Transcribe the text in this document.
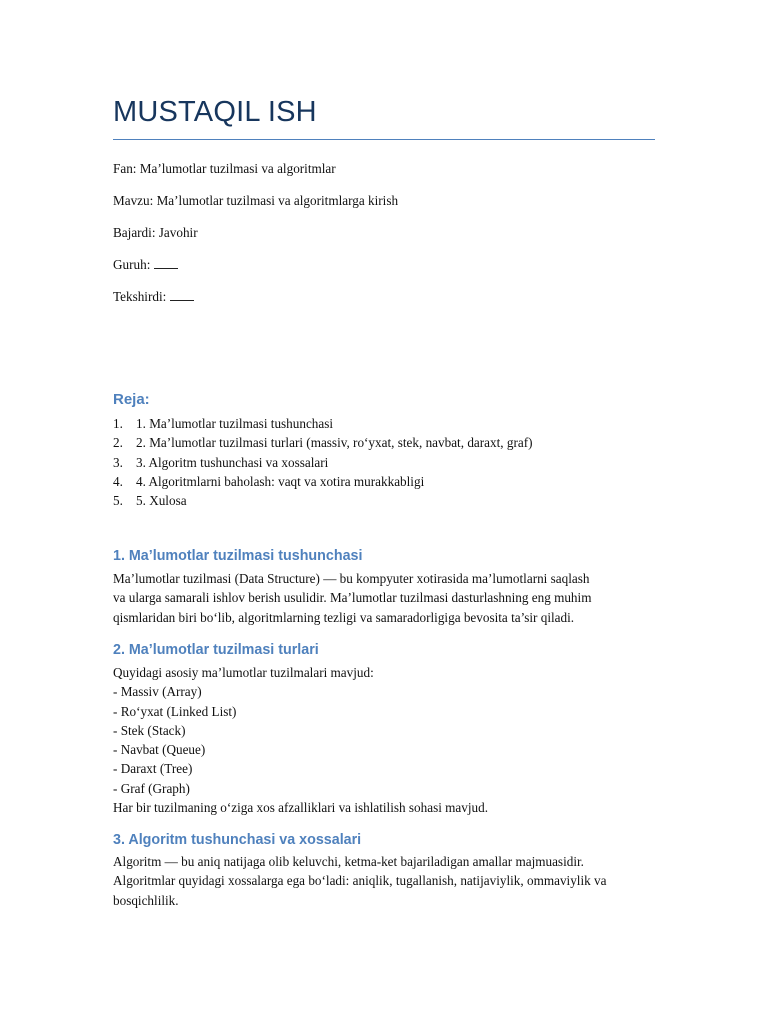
MUSTAQIL ISH
Fan: Ma’lumotlar tuzilmasi va algoritmlar
Mavzu: Ma’lumotlar tuzilmasi va algoritmlarga kirish
Bajardi: Javohir
Guruh:
Tekshirdi:
Reja:
1. 1. Ma’lumotlar tuzilmasi tushunchasi
2. 2. Ma’lumotlar tuzilmasi turlari (massiv, ro‘yxat, stek, navbat, daraxt, graf)
3. 3. Algoritm tushunchasi va xossalari
4. 4. Algoritmlarni baholash: vaqt va xotira murakkabligi
5. 5. Xulosa
1. Ma’lumotlar tuzilmasi tushunchasi
Ma’lumotlar tuzilmasi (Data Structure) — bu kompyuter xotirasida ma’lumotlarni saqlash
va ularga samarali ishlov berish usulidir. Ma’lumotlar tuzilmasi dasturlashning eng muhim
qismlaridan biri bo‘lib, algoritmlarning tezligi va samaradorligiga bevosita ta’sir qiladi.
2. Ma’lumotlar tuzilmasi turlari
Quyidagi asosiy ma’lumotlar tuzilmalari mavjud:
- Massiv (Array)
- Ro‘yxat (Linked List)
- Stek (Stack)
- Navbat (Queue)
- Daraxt (Tree)
- Graf (Graph)
Har bir tuzilmaning o‘ziga xos afzalliklari va ishlatilish sohasi mavjud.
3. Algoritm tushunchasi va xossalari
Algoritm — bu aniq natijaga olib keluvchi, ketma-ket bajariladigan amallar majmuasidir.
Algoritmlar quyidagi xossalarga ega bo‘ladi: aniqlik, tugallanish, natijaviylik, ommaviylik va
bosqichlilik.
